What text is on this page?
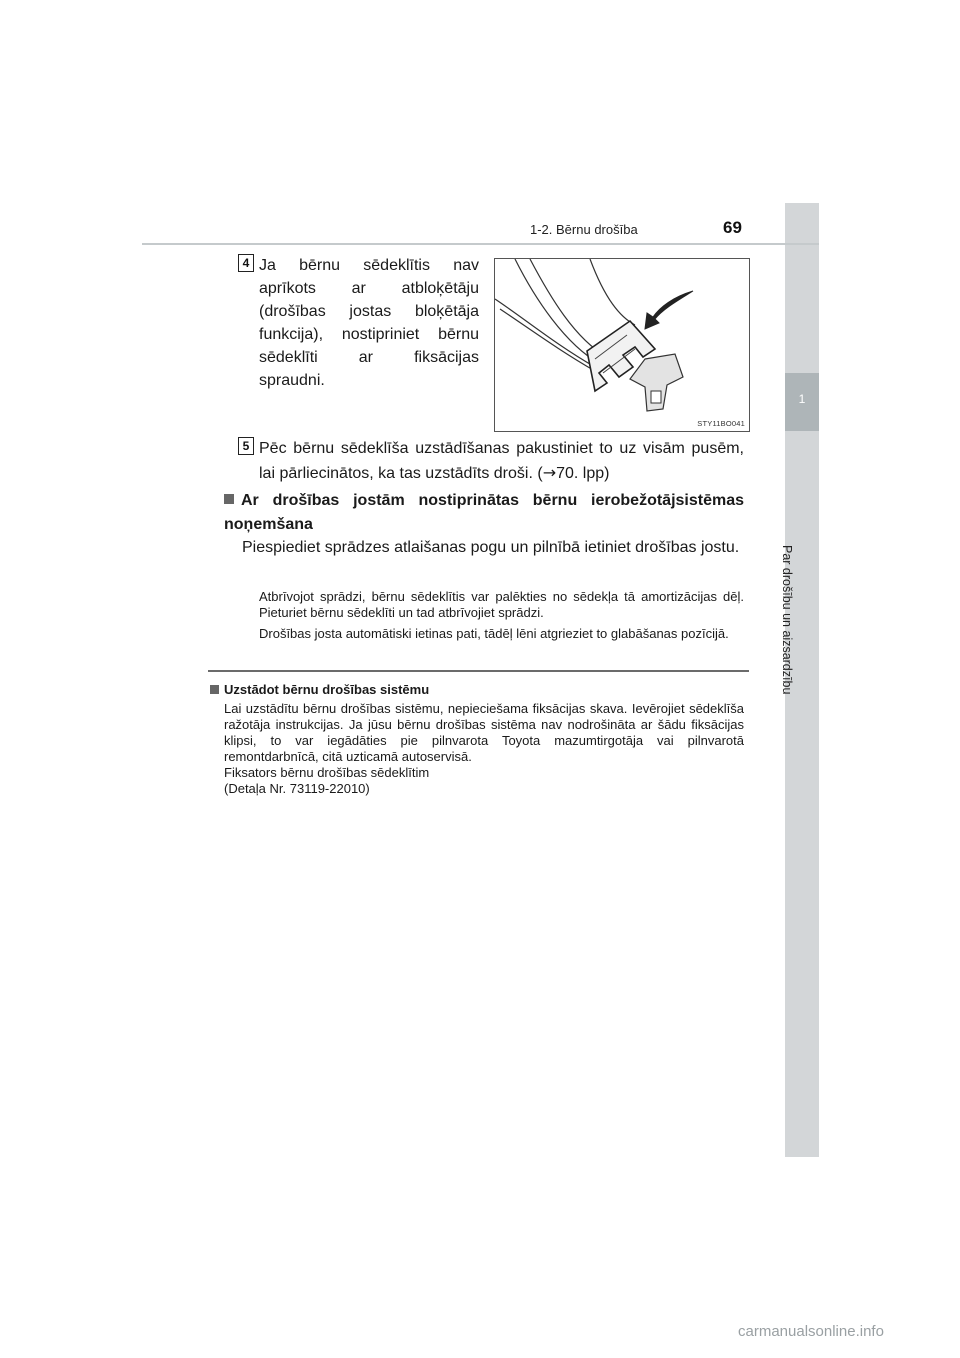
1
Par drošību un aizsardzību
1-2. Bērnu drošība	69
4 Ja bērnu sēdeklītis nav
aprīkots ar atbloķētāju
(drošības jostas bloķētāja
funkcija), nostipriniet bērnu
sēdeklīti ar fiksācijas
spraudni.
STY11BO041
5 Pēc bērnu sēdeklīša uzstādīšanas pakustiniet to uz visām pusēm, lai pārliecinātos, ka tas uzstādīts droši. (→70. lpp)
Ar drošības jostām nostiprinātas bērnu ierobežotājsistēmas noņemšana
Piespiediet sprādzes atlaišanas pogu un pilnībā ietiniet drošības jostu.
Atbrīvojot sprādzi, bērnu sēdeklītis var palēkties no sēdekļa tā amortizācijas dēļ. Pieturiet bērnu sēdeklīti un tad atbrīvojiet sprādzi.
Drošības josta automātiski ietinas pati, tādēļ lēni atgrieziet to glabāšanas pozīcijā.
Uzstādot bērnu drošības sistēmu
Lai uzstādītu bērnu drošības sistēmu, nepieciešama fiksācijas skava. Ievērojiet sēdeklīša ražotāja instrukcijas. Ja jūsu bērnu drošības sistēma nav nodrošināta ar šādu fiksācijas klipsi, to var iegādāties pie pilnvarota Toyota mazumtirgotāja vai pilnvarotā remontdarbnīcā, citā uzticamā autoservisā.
Fiksators bērnu drošības sēdeklītim
(Detaļa Nr. 73119-22010)
carmanualsonline.info
